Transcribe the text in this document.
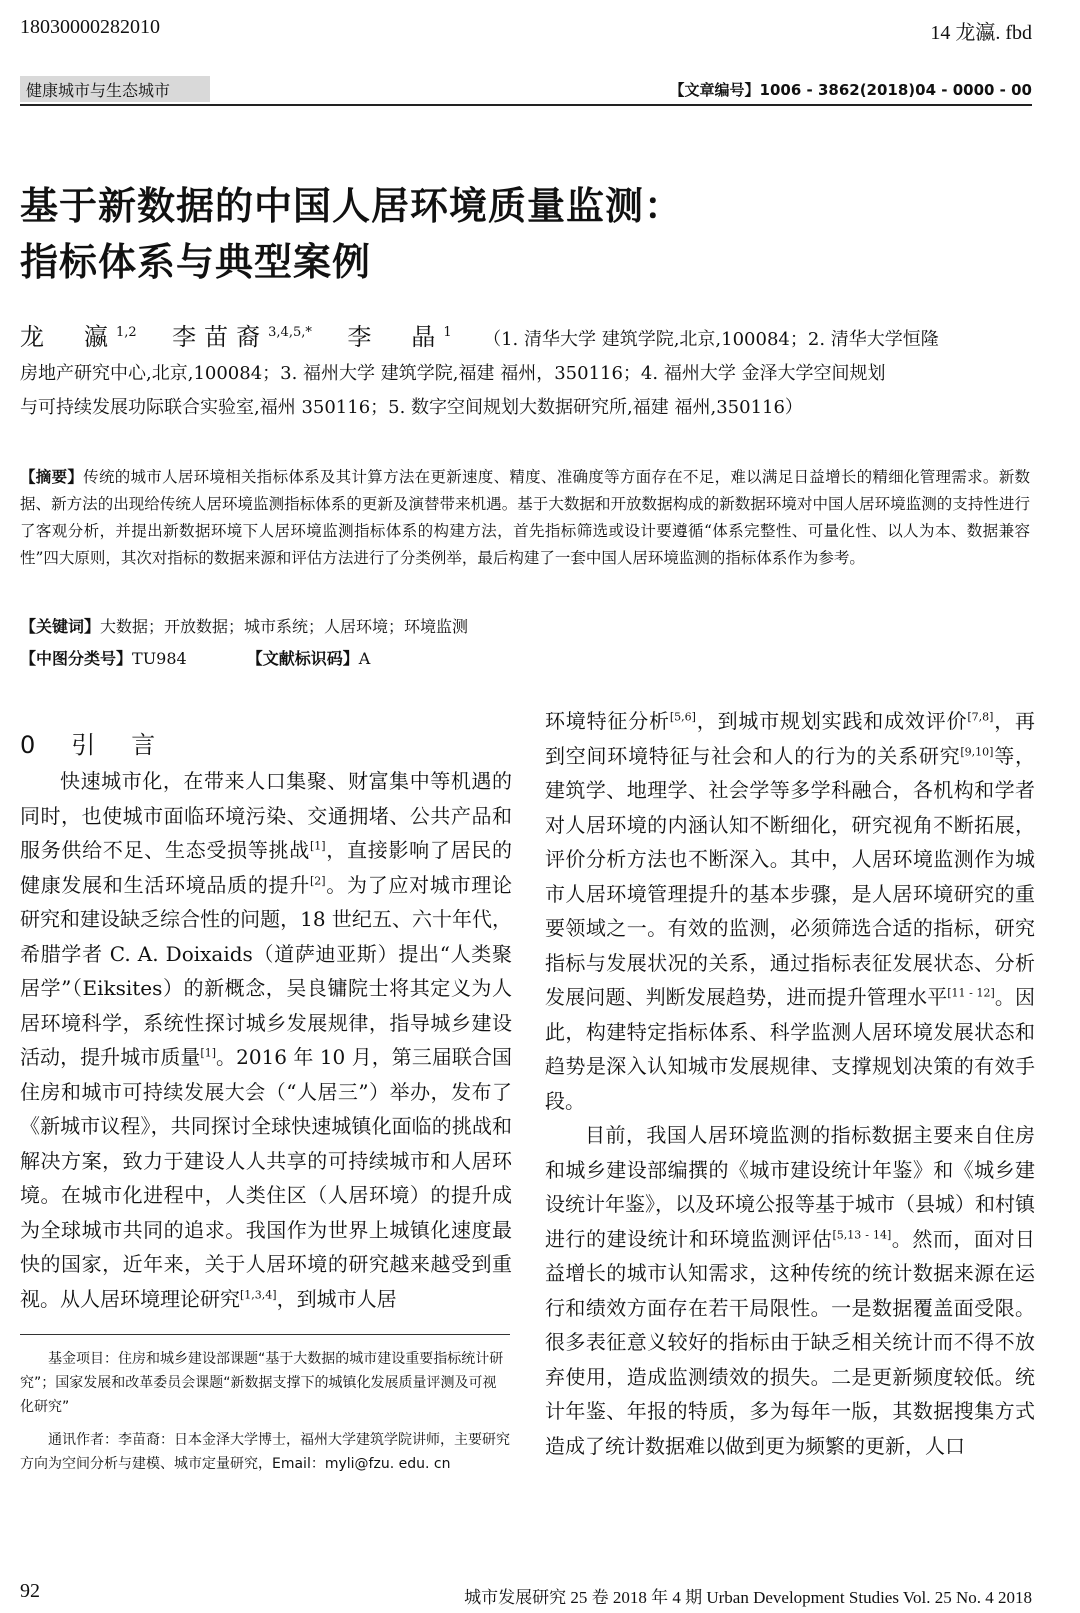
18030000282010	14 龙瀛. fbd
健康城市与生态城市	【文章编号】1006 - 3862(2018)04 - 0000 - 00
基于新数据的中国人居环境质量监测：
指标体系与典型案例
龙　瀛$^{1,2}$ 李苗裔$^{3,4,5,*}$ 李　晶$^1$ （1. 清华大学 建筑学院,北京,100084；2. 清华大学恒隆
房地产研究中心,北京,100084；3. 福州大学 建筑学院,福建 福州，350116；4. 福州大学 金泽大学空间规划
与可持续发展功际联合实验室,福州 350116；5. 数字空间规划大数据研究所,福建 福州,350116）
【摘要】传统的城市人居环境相关指标体系及其计算方法在更新速度、精度、准确度等方面存在不足，难以满足日益增长的精细化管理需求。新数据、新方法的出现给传统人居环境监测指标体系的更新及演替带来机遇。基于大数据和开放数据构成的新数据环境对中国人居环境监测的支持性进行了客观分析，并提出新数据环境下人居环境监测指标体系的构建方法，首先指标筛选或设计要遵循“体系完整性、可量化性、以人为本、数据兼容性”四大原则，其次对指标的数据来源和评估方法进行了分类例举，最后构建了一套中国人居环境监测的指标体系作为参考。
【关键词】大数据；开放数据；城市系统；人居环境；环境监测
【中图分类号】TU984	【文献标识码】A
0　引　言

快速城市化，在带来人口集聚、财富集中等机遇的同时，也使城市面临环境污染、交通拥堵、公共产品和服务供给不足、生态受损等挑战[1]，直接影响了居民的健康发展和生活环境品质的提升[2]。为了应对城市理论研究和建设缺乏综合性的问题，18 世纪五、六十年代，希腊学者 C. A. Doixaids（道萨迪亚斯）提出“人类聚居学”（Eiksites）的新概念，吴良镛院士将其定义为人居环境科学，系统性探讨城乡发展规律，指导城乡建设活动，提升城市质量[1]。2016 年 10 月，第三届联合国住房和城市可持续发展大会（“人居三”）举办，发布了《新城市议程》，共同探讨全球快速城镇化面临的挑战和解决方案，致力于建设人人共享的可持续城市和人居环境。在城市化进程中，人类住区（人居环境）的提升成为全球城市共同的追求。我国作为世界上城镇化速度最快的国家，近年来，关于人居环境的研究越来越受到重视。从人居环境理论研究[1,3,4]，到城市人居

基金项目：住房和城乡建设部课题“基于大数据的城市建设重要指标统计研究”；国家发展和改革委员会课题“新数据支撑下的城镇化发展质量评测及可视化研究”
通讯作者：李苗裔：日本金泽大学博士，福州大学建筑学院讲师，主要研究方向为空间分析与建模、城市定量研究，Email：myli@fzu. edu. cn

环境特征分析[5,6]，到城市规划实践和成效评价[7,8]，再到空间环境特征与社会和人的行为的关系研究[9,10]等，建筑学、地理学、社会学等多学科融合，各机构和学者对人居环境的内涵认知不断细化，研究视角不断拓展，评价分析方法也不断深入。其中，人居环境监测作为城市人居环境管理提升的基本步骤，是人居环境研究的重要领域之一。有效的监测，必须筛选合适的指标，研究指标与发展状况的关系，通过指标表征发展状态、分析发展问题、判断发展趋势，进而提升管理水平[11 - 12]。因此，构建特定指标体系、科学监测人居环境发展状态和趋势是深入认知城市发展规律、支撑规划决策的有效手段。

目前，我国人居环境监测的指标数据主要来自住房和城乡建设部编撰的《城市建设统计年鉴》和《城乡建设统计年鉴》，以及环境公报等基于城市（县城）和村镇进行的建设统计和环境监测评估[5,13 - 14]。然而，面对日益增长的城市认知需求，这种传统的统计数据来源在运行和绩效方面存在若干局限性。一是数据覆盖面受限。很多表征意义较好的指标由于缺乏相关统计而不得不放弃使用，造成监测绩效的损失。二是更新频度较低。统计年鉴、年报的特质，多为每年一版，其数据搜集方式造成了统计数据难以做到更为频繁的更新，人口

92	城市发展研究 25 卷 2018 年 4 期 Urban Development Studies Vol. 25 No. 4 2018
